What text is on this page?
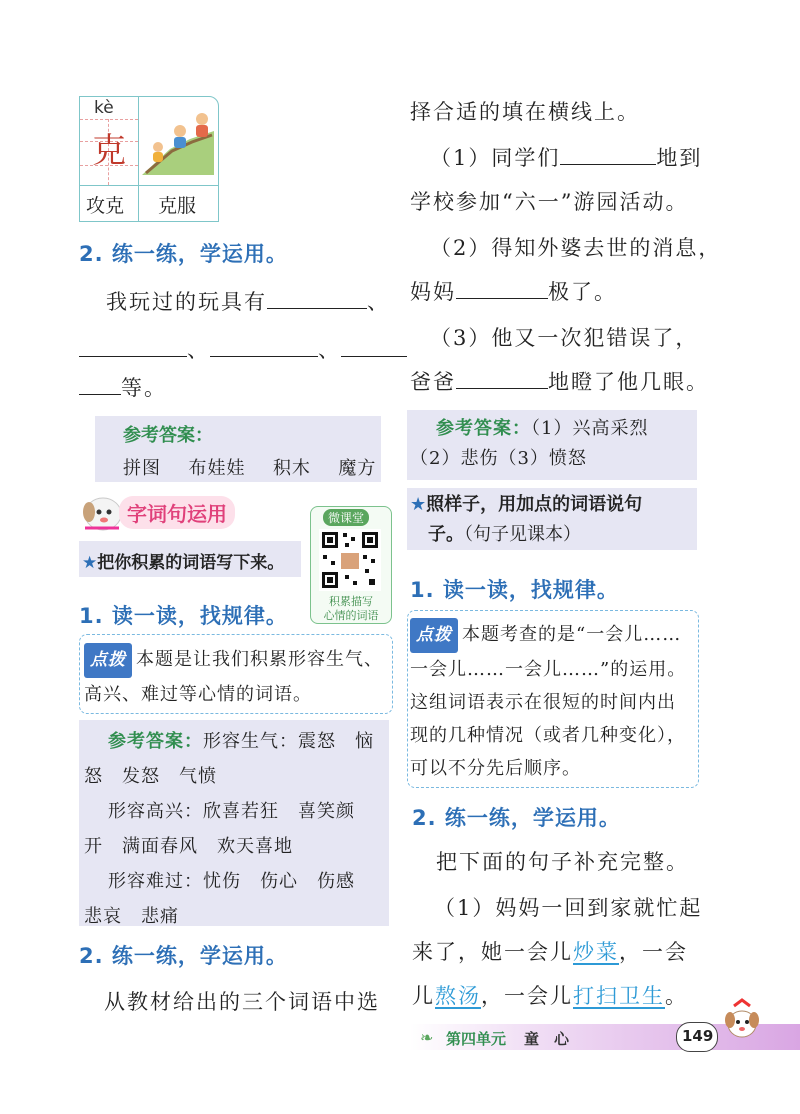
kè
克
攻克 克服
2. 练一练，学运用。
我玩过的玩具有	、
、	、
等。
参考答案：
拼图 布娃娃 积木 魔方
字词句运用	微课堂
积累描写
心情的词语
★把你积累的词语写下来。
1. 读一读，找规律。
点拨 本题是让我们积累形容生气、高兴、难过等心情的词语。
参考答案：形容生气：震怒　恼
怒　发怒　气愤
形容高兴：欣喜若狂　喜笑颜
开　满面春风　欢天喜地
形容难过：忧伤　伤心　伤感
悲哀　悲痛
2. 练一练，学运用。
从教材给出的三个词语中选
择合适的填在横线上。
（1）同学们	地到
学校参加“六一”游园活动。
（2）得知外婆去世的消息，
妈妈	极了。
（3）他又一次犯错误了，
爸爸	地瞪了他几眼。
参考答案：（1）兴高采烈
（2）悲伤（3）愤怒
★照样子，用加点的词语说句
子。（句子见课本）
1. 读一读，找规律。
点拨 本题考查的是“一会儿……
一会儿……一会儿……”的运用。
这组词语表示在很短的时间内出
现的几种情况（或者几种变化），
可以不分先后顺序。
2. 练一练，学运用。
把下面的句子补充完整。
（1）妈妈一回到家就忙起
来了，她一会儿炒菜，一会
儿熬汤，一会儿打扫卫生。
❧ 第四单元 童　心	149
